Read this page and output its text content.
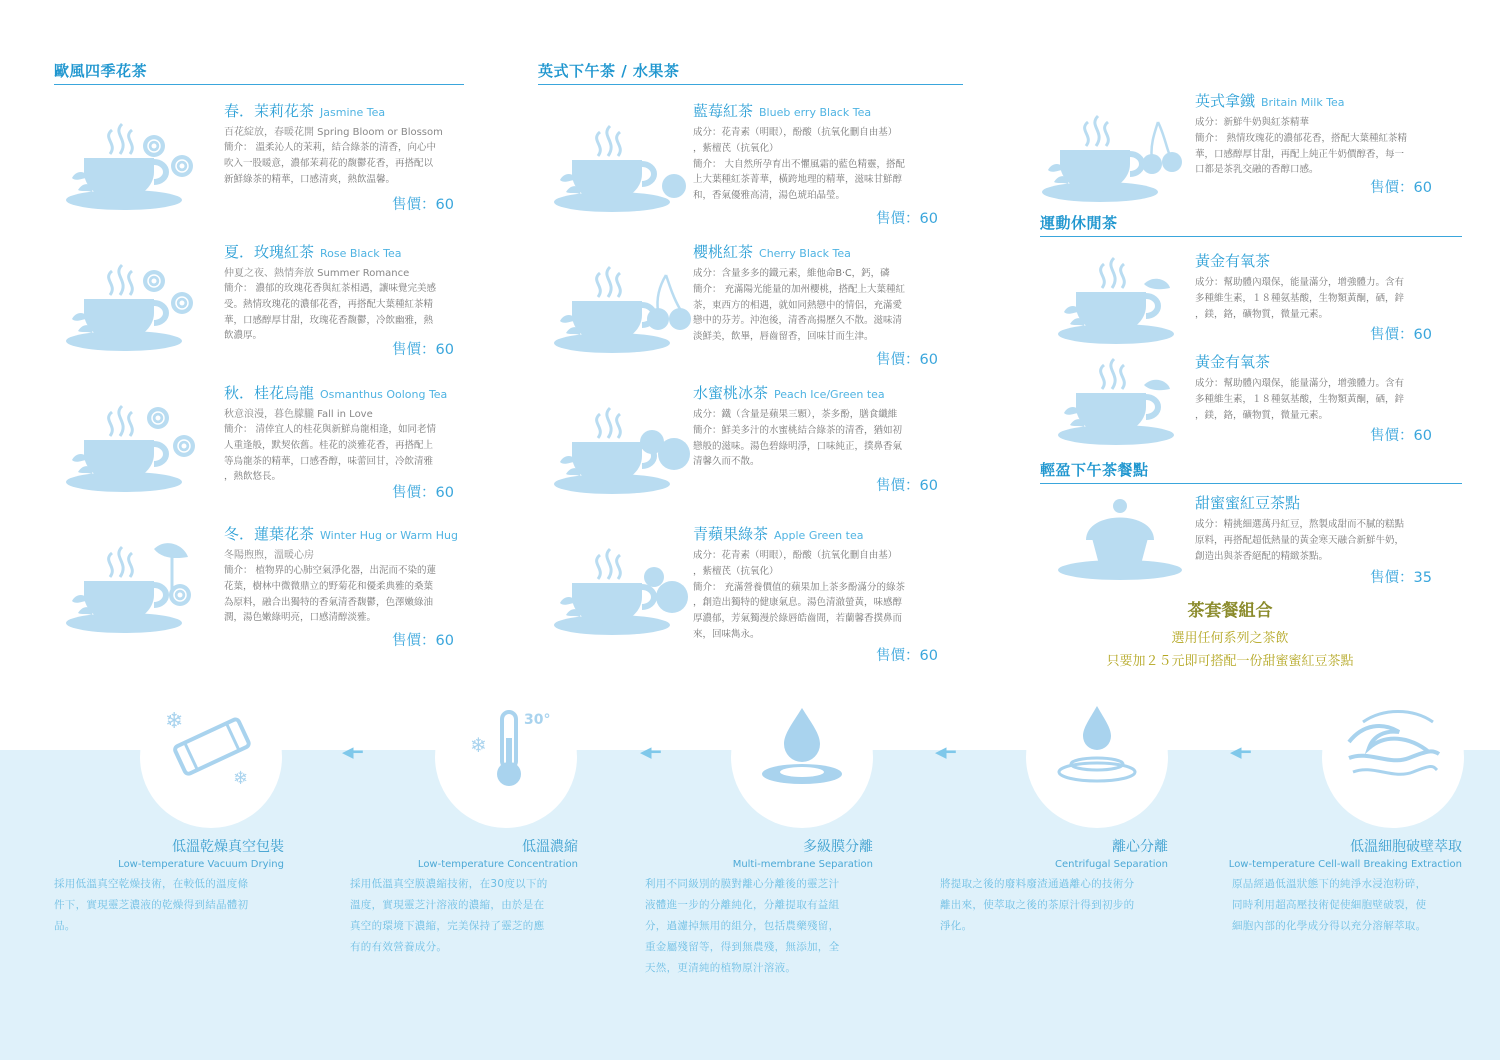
歐風四季花茶	英式下午茶 / 水果茶
運動休閒茶
輕盈下午茶餐點
春．茉莉花茶 Jasmine Tea
百花綻放，春暖花開 Spring Bloom or Blossom
簡介： 溫柔沁人的茉莉，結合綠茶的清香，向心中
吹入一股暖意，濃郁茉莉花的馥鬱花香，再搭配以
新鮮綠茶的精華，口感清爽，熱飲温馨。
售價：60
夏．玫瑰紅茶 Rose Black Tea
仲夏之夜、熱情奔放 Summer Romance
簡介： 濃郁的玫瑰花香與紅茶相遇，讓味覺完美感
受。熱情玫瑰花的濃郁花香，再搭配大葉種紅茶精
華，口感醇厚甘甜，玫瑰花香馥鬱，冷飲幽雅，熱
飲濃厚。
售價：60
秋．桂花烏龍 Osmanthus Oolong Tea
秋意浪漫，暮色朦朧 Fall in Love
簡介： 清倖宜人的桂花與新鮮烏龍相逢，如同老情
人重逢般，默契依舊。桂花的淡雅花香，再搭配上
等烏龍茶的精華，口感香醇，味蕾回甘，冷飲清雅
，熱飲悠長。
售價：60
冬．蓮葉花茶 Winter Hug or Warm Hug
冬陽煦煦，溫暖心房
簡介： 植物界的心肺空氣淨化器，出泥而不染的蓮
花葉，樹林中微微鼎立的野菊花和優柔典雅的桑葉
為原料，融合出獨特的香氣清香馥鬱，色澤嫩綠油
潤，湯色嫩綠明亮，口感清醇淡雅。
售價：60
藍莓紅茶 Blueb erry Black Tea
成分：花青素（明眼），酚酸（抗氧化刪自由基）
，紫檀芪（抗氧化）
簡介： 大自然所孕育出不懼風霜的藍色精靈，搭配
上大葉種紅茶菁華，橫跨地理的精華，滋味甘鮮醇
和，香氣優雅高清，湯色琥珀晶瑩。
售價：60
櫻桃紅茶 Cherry Black Tea
成分：含量多多的鐵元素，維他命B‧C，鈣，磷
簡介： 充滿陽光能量的加州櫻桃，搭配上大葉種紅
茶，東西方的相遇，就如同熱戀中的情侶，充滿愛
戀中的芬芳。沖泡後，清香高揚歷久不散。滋味清
淡鮮美，飲畢，唇齒留香，回味甘而生津。
售價：60
水蜜桃冰茶 Peach Ice/Green tea
成分：鐵（含量是蘋果三顆），茶多酚，膳食纖維
簡介：鮮美多汁的水蜜桃結合綠茶的清香，猶如初
戀般的滋味。湯色碧綠明淨，口味純正，撲鼻香氣
清馨久而不散。
售價：60
青蘋果綠茶 Apple Green tea
成分：花青素（明眼），酚酸（抗氧化刪自由基）
，紫檀芪（抗氧化）
簡介： 充滿營養價值的蘋果加上茶多酚滿分的綠茶
，創造出獨特的健康氣息。湯色清澈螢黃，味感醇
厚濃郁，芳氣獨漫於綠唇皓齒間，若蘭馨香撲鼻而
來，回味雋永。
售價：60
英式拿鐵 Britain Milk Tea
成分：新鮮牛奶與紅茶精華
簡介： 熱情玫瑰花的濃郁花香，搭配大葉種紅茶精
華，口感醇厚甘甜，再配上純正牛奶價醇香，每一
口都是茶乳交融的香醇口感。
售價：60
黃金有氧茶
成分：幫助體內環保，能量滿分，增強體力。含有
多種維生素，１８種氨基酸，生物類黃酮，硒，鋅
，鎂，鉻，礦物質，微量元素。
售價：60
黃金有氧茶
成分：幫助體內環保，能量滿分，增強體力。含有
多種維生素，１８種氨基酸，生物類黃酮，硒，鋅
，鎂，鉻，礦物質，微量元素。
售價：60
甜蜜蜜紅豆茶點
成分：精挑細選萬丹紅豆，熬製成甜而不膩的糕點
原料，再搭配超低熱量的黃金寒天融合新鮮牛奶，
創造出與茶香絕配的精緻茶點。
售價：35
茶套餐組合
選用任何系列之茶飲
只要加２５元即可搭配一份甜蜜蜜紅豆茶點
❄
❄
◀━	❄
30°
◀━	◀━	◀━
低溫乾燥真空包裝
Low-temperature Vacuum Drying
採用低溫真空乾燥技術，在較低的溫度條
件下，實現靈芝濃液的乾燥得到結晶體初
品。
低溫濃縮
Low-temperature Concentration
採用低溫真空膜濃縮技術，在30度以下的
溫度，實現靈芝汁溶液的濃縮，由於是在
真空的環境下濃縮，完美保持了靈芝的應
有的有效營養成分。
多級膜分離
Multi-membrane Separation
利用不同級別的膜對離心分離後的靈芝汁
液體進一步的分離純化，分離提取有益組
分，過濾掉無用的組分，包括農藥殘留，
重金屬殘留等，得到無農殘，無添加，全
天然，更清純的植物原汁溶液。
離心分離
Centrifugal Separation
將提取之後的廢料廢渣通過離心的技術分
離出來，使萃取之後的茶原汁得到初步的
淨化。
低溫細胞破壁萃取
Low-temperature Cell-wall Breaking Extraction
原品經過低溫狀態下的純淨水浸泡粉碎，
同時利用超高壓技術促使細胞壁破裂，使
細胞內部的化學成分得以充分溶解萃取。
